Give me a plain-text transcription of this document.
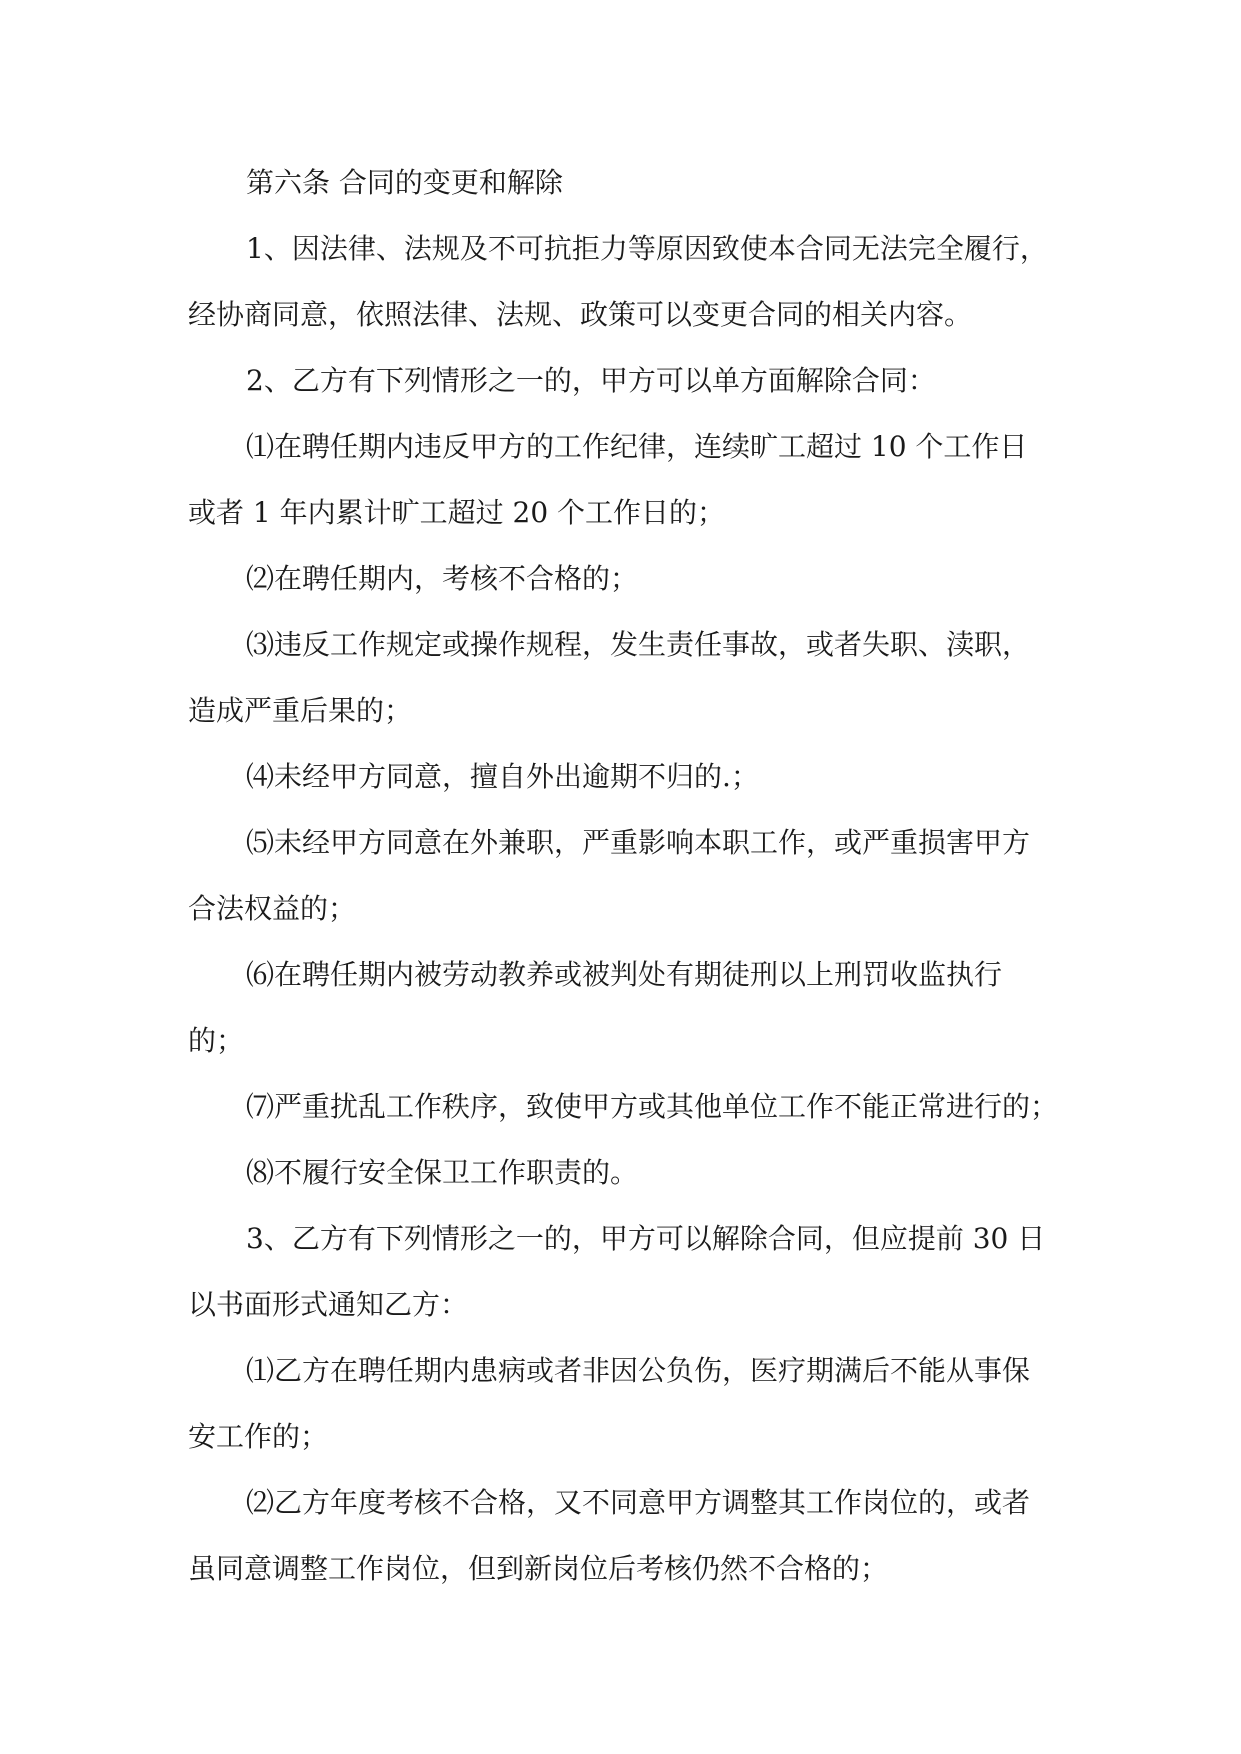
第六条 合同的变更和解除

1、因法律、法规及不可抗拒力等原因致使本合同无法完全履行，

经协商同意，依照法律、法规、政策可以变更合同的相关内容。

2、乙方有下列情形之一的，甲方可以单方面解除合同：

⑴在聘任期内违反甲方的工作纪律，连续旷工超过 10 个工作日

或者 1 年内累计旷工超过 20 个工作日的；

⑵在聘任期内，考核不合格的；

⑶违反工作规定或操作规程，发生责任事故，或者失职、渎职，

造成严重后果的；

⑷未经甲方同意，擅自外出逾期不归的.；

⑸未经甲方同意在外兼职，严重影响本职工作，或严重损害甲方

合法权益的；

⑹在聘任期内被劳动教养或被判处有期徒刑以上刑罚收监执行

的；

⑺严重扰乱工作秩序，致使甲方或其他单位工作不能正常进行的；

⑻不履行安全保卫工作职责的。

3、乙方有下列情形之一的，甲方可以解除合同，但应提前 30 日

以书面形式通知乙方：

⑴乙方在聘任期内患病或者非因公负伤，医疗期满后不能从事保

安工作的；

⑵乙方年度考核不合格，又不同意甲方调整其工作岗位的，或者

虽同意调整工作岗位，但到新岗位后考核仍然不合格的；
